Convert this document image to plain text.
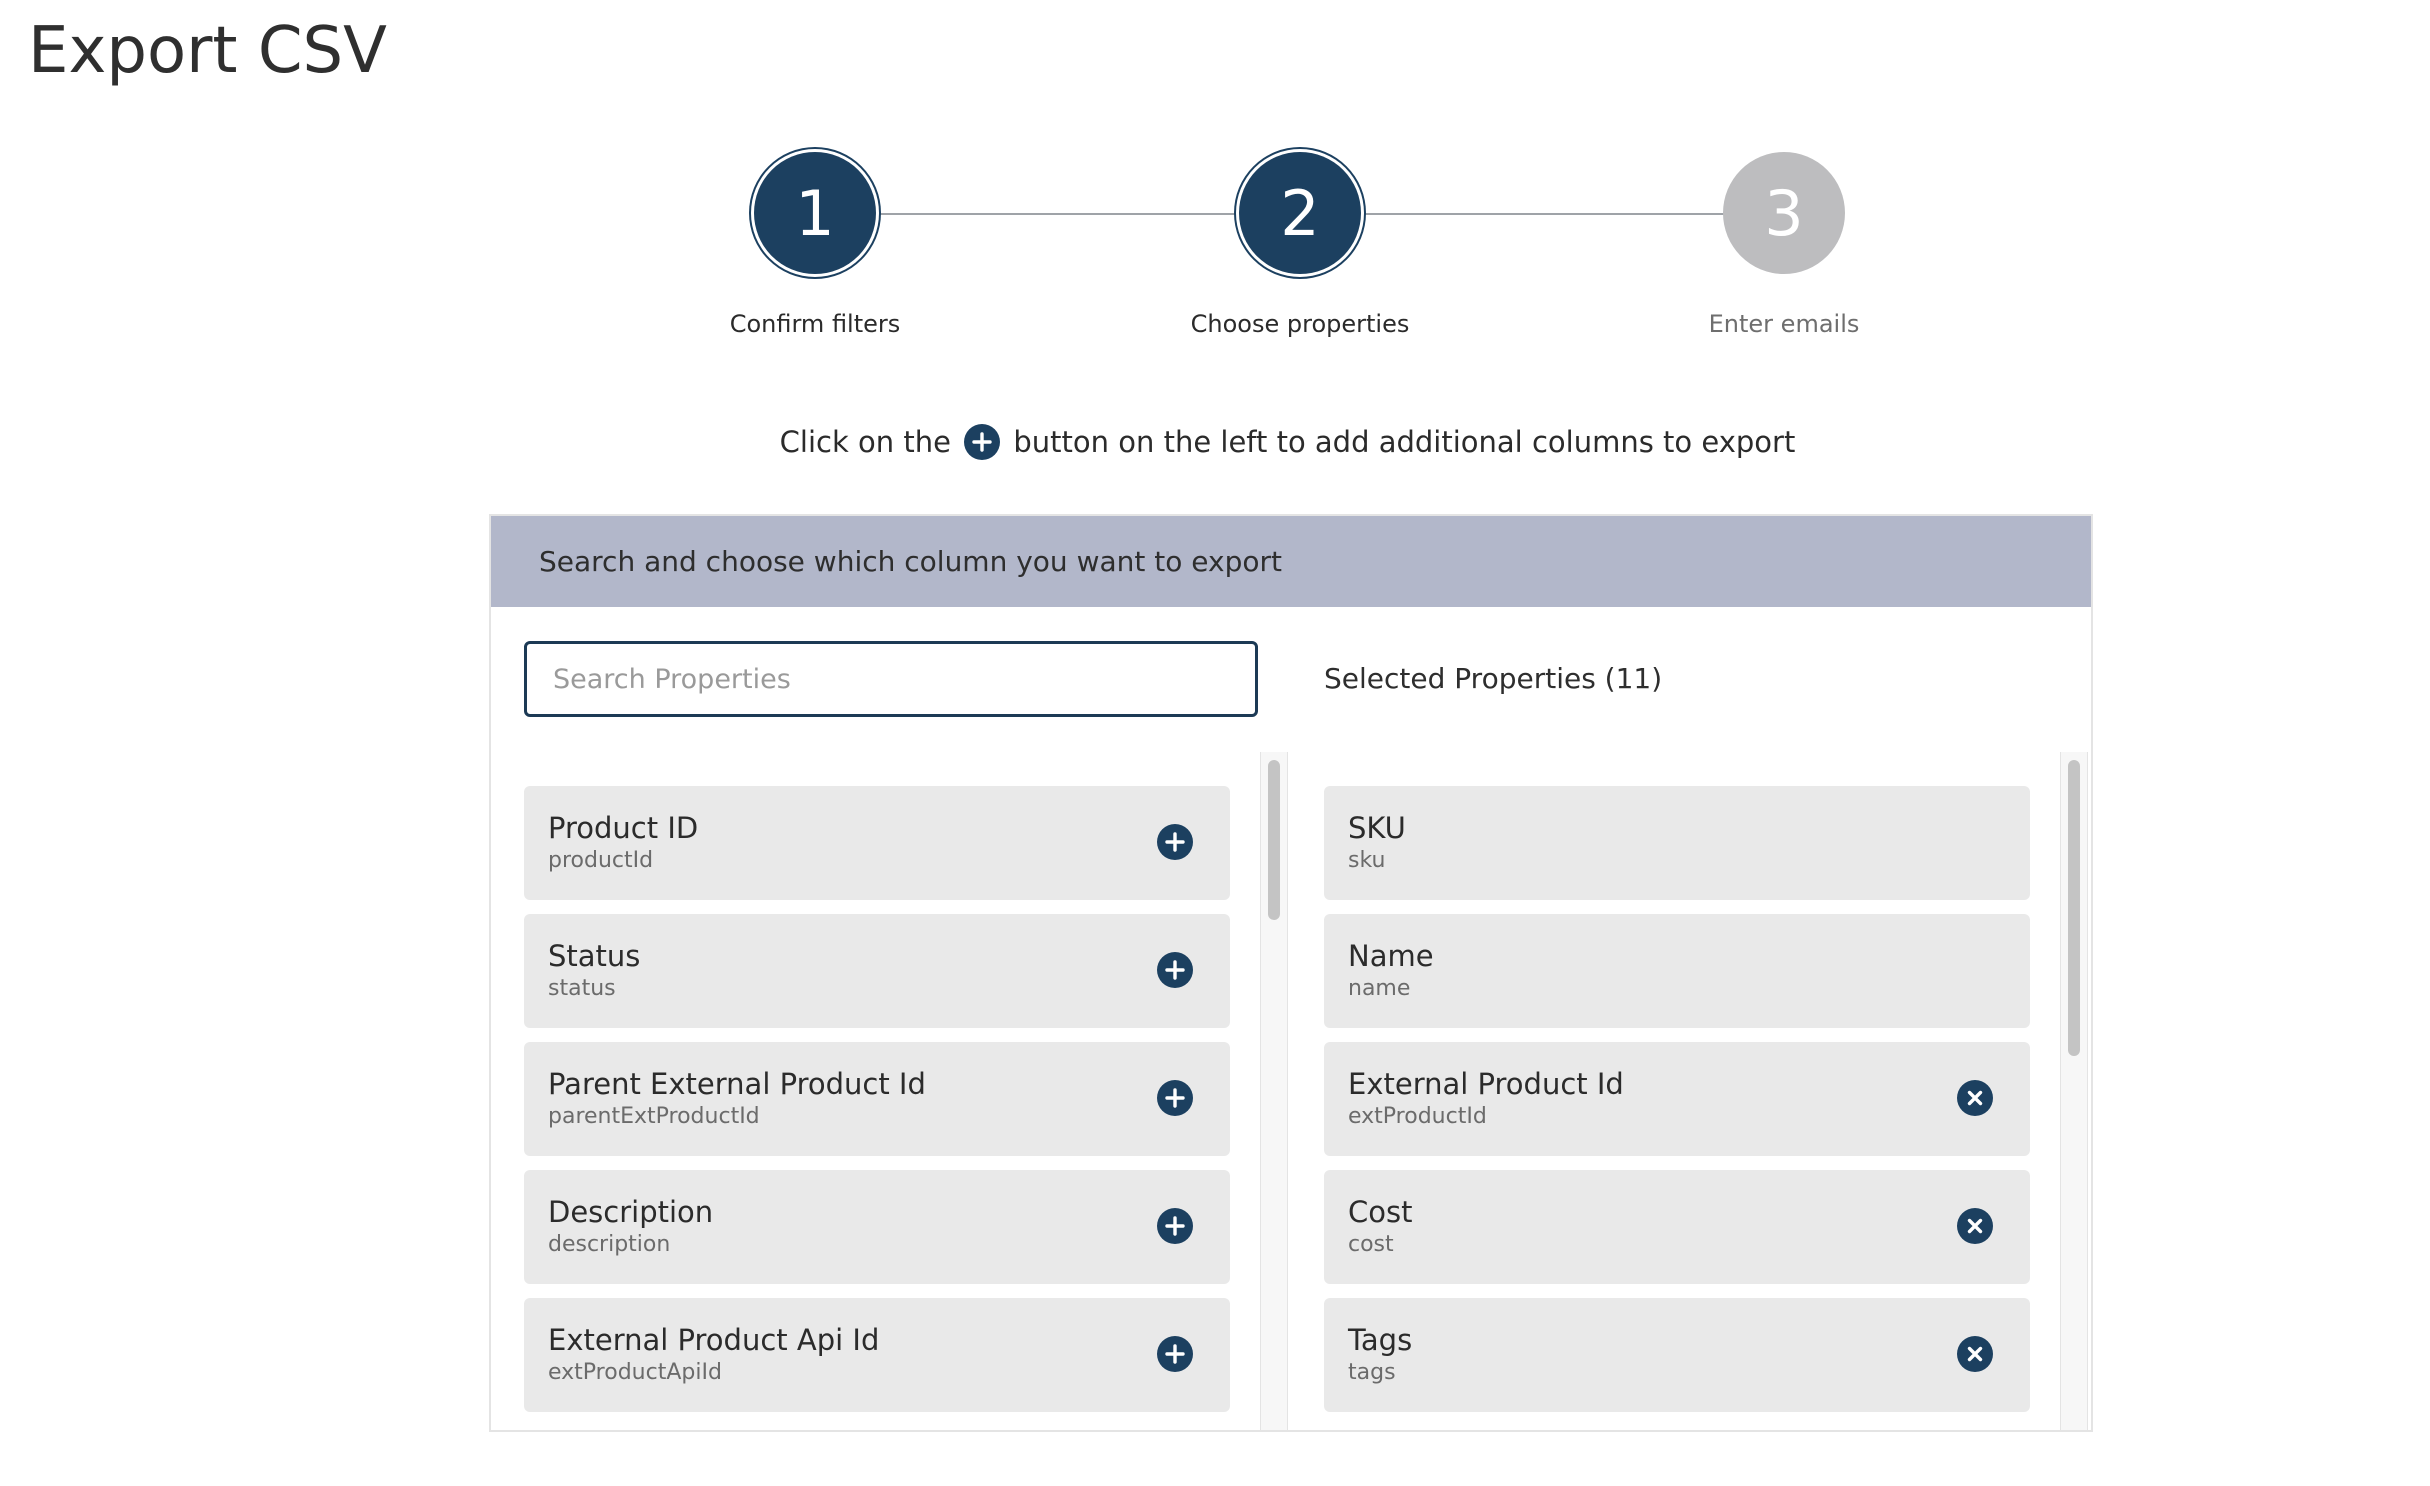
Export CSV
1
Confirm filters
2
Choose properties
3
Enter emails
Click on the button on the left to add additional columns to export
Search and choose which column you want to export
Search Properties
Selected Properties (11)
Product ID
productId
Status
status
Parent External Product Id
parentExtProductId
Description
description
External Product Api Id
extProductApiId
SKU
sku
Name
name
External Product Id
extProductId
Cost
cost
Tags
tags
